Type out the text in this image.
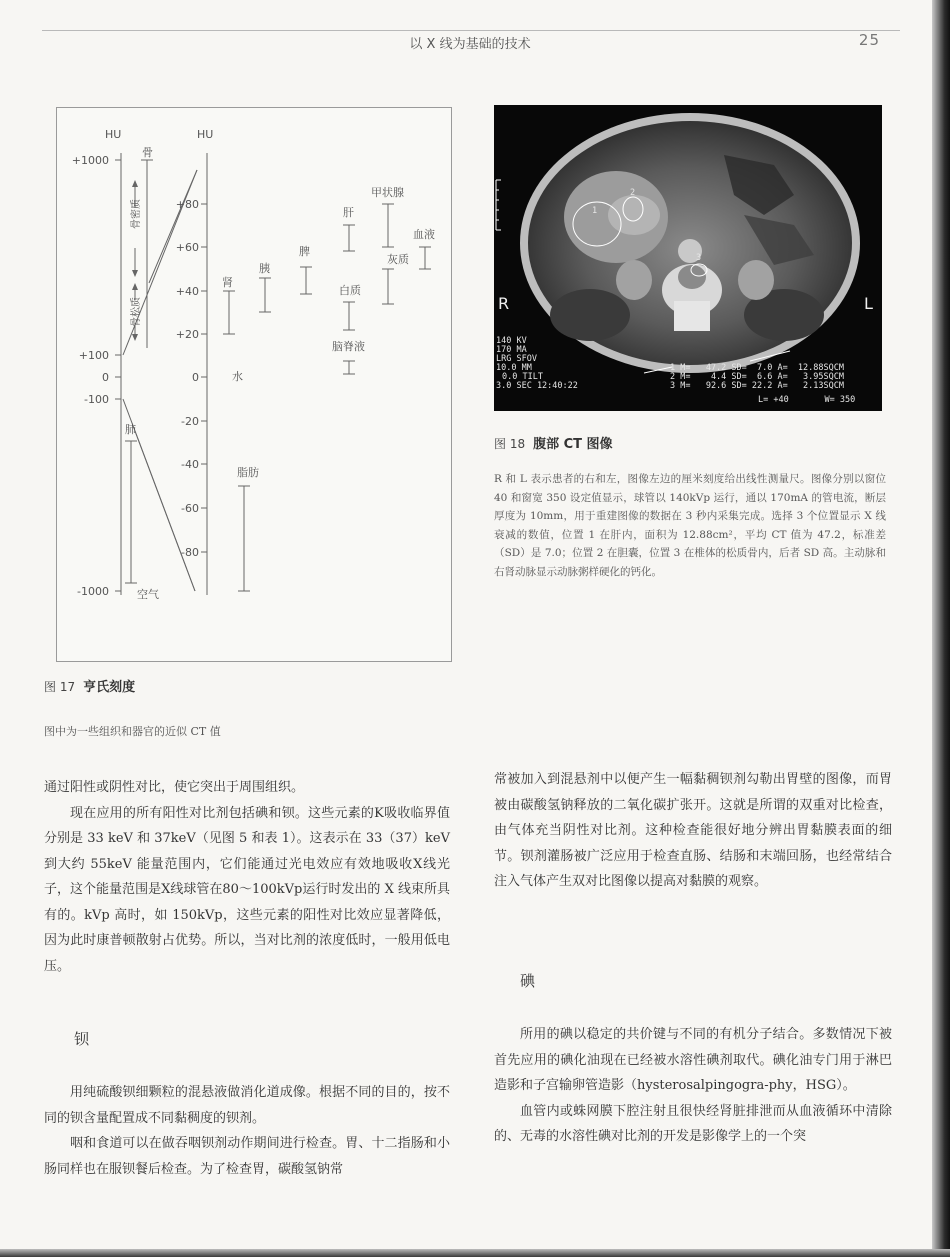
以 X 线为基础的技术	25
HU	HU
+1000
+100
0
-100
-1000
+80
+60
+40
+20
0
-20
-40
-60
-80
骨
骨密质
骨松质
肺
空气
肾
水
胰
脾
肝
白质
脑脊液
甲状腺
灰质
血液
脂肪
图 17 亨氏刻度
图中为一些组织和器官的近似 CT 值
1
2
3
R	L
140 KV
170 MA
LRG SFOV
10.0 MM
0.0 TILT
3.0 SEC 12:40:22
1 M=   47.2 SD=  7.0 A=  12.88SQCM
2 M=    4.4 SD=  6.6 A=   3.95SQCM
3 M=   92.6 SD= 22.2 A=   2.13SQCM
L= +40       W= 350
图 18 腹部 CT 图像
R 和 L 表示患者的右和左，图像左边的厘米刻度给出线性测量尺。图像分别以窗位 40 和窗宽 350 设定值显示，球管以 140kVp 运行，通以 170mA 的管电流，断层厚度为 10mm，用于重建图像的数据在 3 秒内采集完成。选择 3 个位置显示 X 线衰减的数值，位置 1 在肝内，面积为 12.88cm²，平均 CT 值为 47.2，标准差（SD）是 7.0；位置 2 在胆囊，位置 3 在椎体的松质骨内，后者 SD 高。主动脉和右肾动脉显示动脉粥样硬化的钙化。

通过阳性或阴性对比，使它突出于周围组织。

现在应用的所有阳性对比剂包括碘和钡。这些元素的K吸收临界值分别是 33 keV 和 37keV（见图 5 和表 1）。这表示在 33（37）keV 到大约 55keV 能量范围内，它们能通过光电效应有效地吸收X线光子，这个能量范围是X线球管在80～100kVp运行时发出的 X 线束所具有的。kVp 高时，如 150kVp，这些元素的阳性对比效应显著降低，因为此时康普顿散射占优势。所以，当对比剂的浓度低时，一般用低电压。

钡

用纯硫酸钡细颗粒的混悬液做消化道成像。根据不同的目的，按不同的钡含量配置成不同黏稠度的钡剂。

咽和食道可以在做吞咽钡剂动作期间进行检查。胃、十二指肠和小肠同样也在服钡餐后检查。为了检查胃，碳酸氢钠常

常被加入到混悬剂中以便产生一幅黏稠钡剂勾勒出胃壁的图像，而胃被由碳酸氢钠释放的二氧化碳扩张开。这就是所谓的双重对比检查，由气体充当阴性对比剂。这种检查能很好地分辨出胃黏膜表面的细节。钡剂灌肠被广泛应用于检查直肠、结肠和末端回肠，也经常结合注入气体产生双对比图像以提高对黏膜的观察。

碘

所用的碘以稳定的共价键与不同的有机分子结合。多数情况下被首先应用的碘化油现在已经被水溶性碘剂取代。碘化油专门用于淋巴造影和子宫输卵管造影（hysterosalpingogra-phy，HSG）。

血管内或蛛网膜下腔注射且很快经肾脏排泄而从血液循环中清除的、无毒的水溶性碘对比剂的开发是影像学上的一个突
